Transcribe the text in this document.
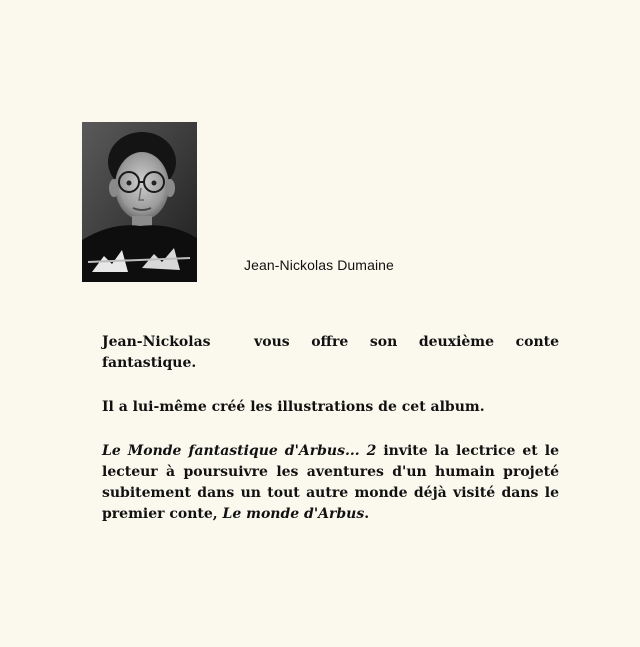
Jean-Nickolas Dumaine

Jean-Nickolas	vous offre son deuxième conte fantastique.

Il a lui-même créé les illustrations de cet album.

Le Monde fantastique d'Arbus... 2 invite la lectrice et le lecteur à poursuivre les aventures d'un humain projeté subitement dans un tout autre monde déjà visité dans le premier conte, Le monde d'Arbus.
